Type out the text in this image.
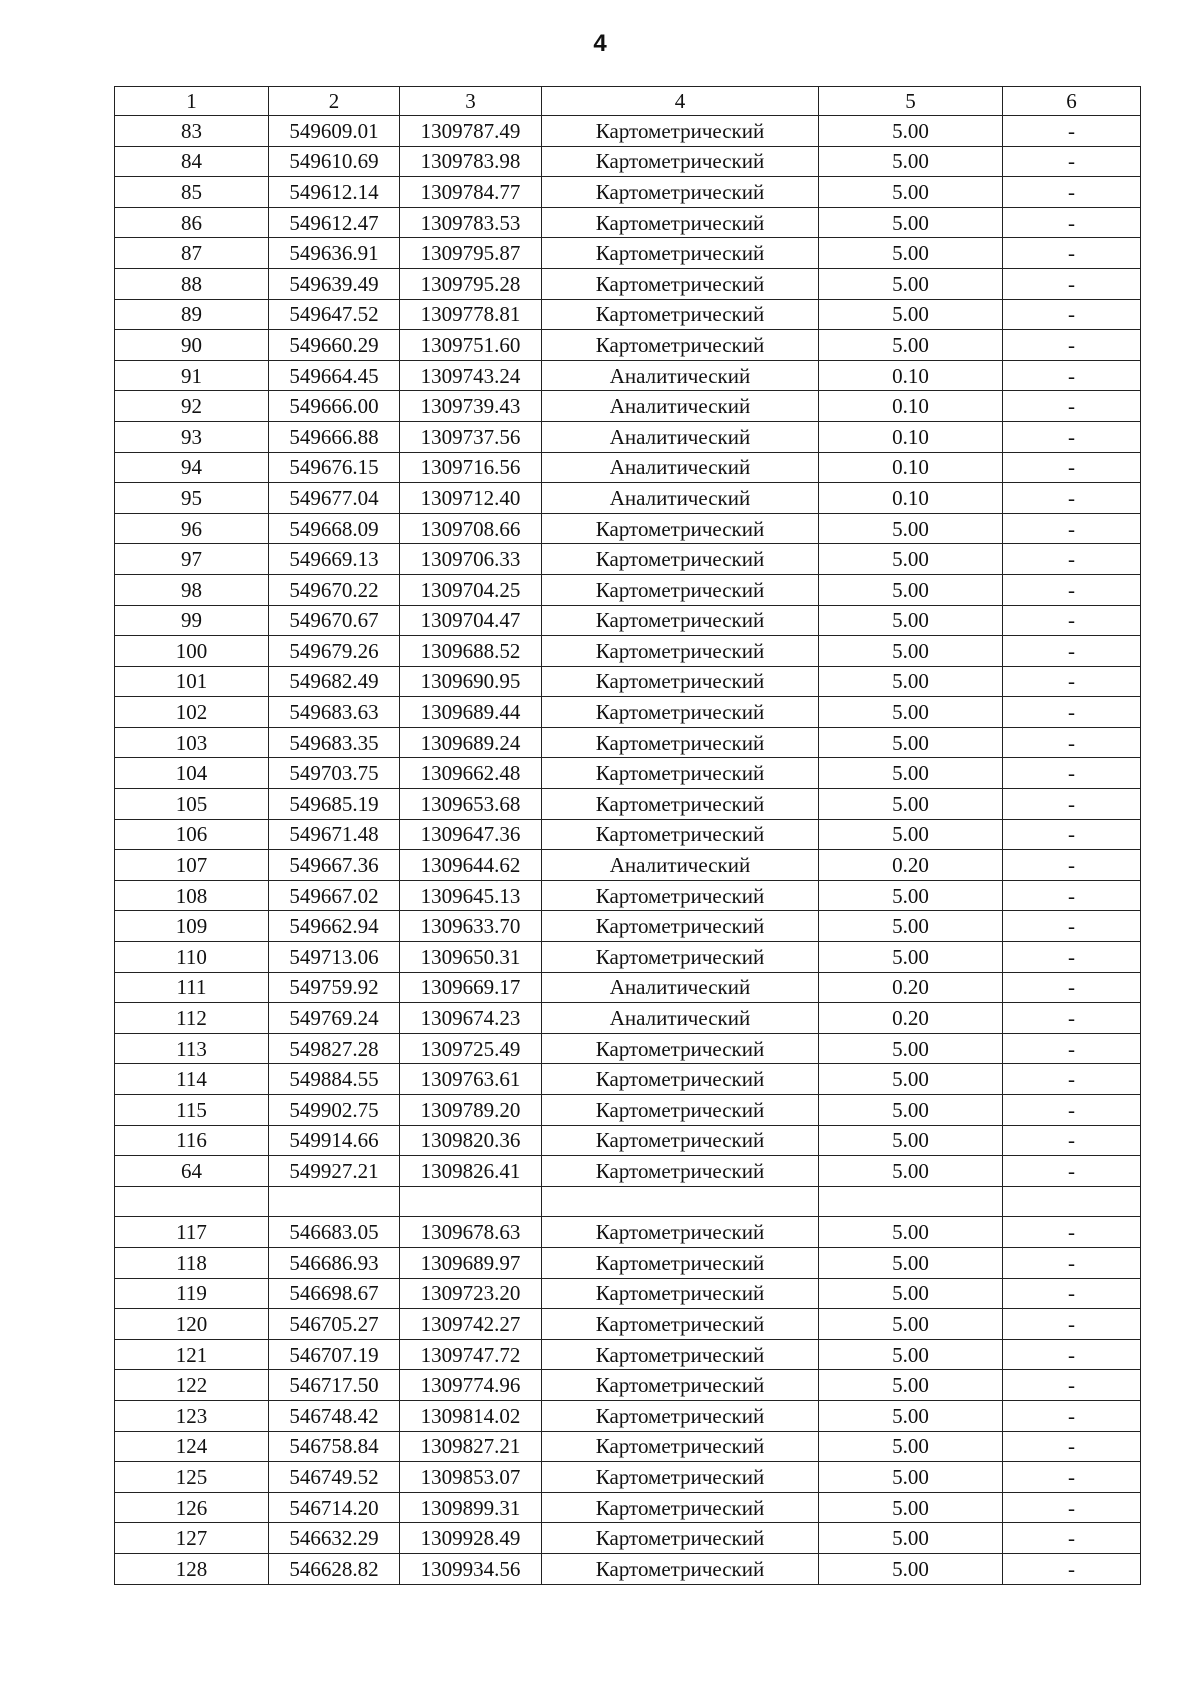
4
1	2	3	4	5	6
83	549609.01	1309787.49	Картометрический	5.00	-
84	549610.69	1309783.98	Картометрический	5.00	-
85	549612.14	1309784.77	Картометрический	5.00	-
86	549612.47	1309783.53	Картометрический	5.00	-
87	549636.91	1309795.87	Картометрический	5.00	-
88	549639.49	1309795.28	Картометрический	5.00	-
89	549647.52	1309778.81	Картометрический	5.00	-
90	549660.29	1309751.60	Картометрический	5.00	-
91	549664.45	1309743.24	Аналитический	0.10	-
92	549666.00	1309739.43	Аналитический	0.10	-
93	549666.88	1309737.56	Аналитический	0.10	-
94	549676.15	1309716.56	Аналитический	0.10	-
95	549677.04	1309712.40	Аналитический	0.10	-
96	549668.09	1309708.66	Картометрический	5.00	-
97	549669.13	1309706.33	Картометрический	5.00	-
98	549670.22	1309704.25	Картометрический	5.00	-
99	549670.67	1309704.47	Картометрический	5.00	-
100	549679.26	1309688.52	Картометрический	5.00	-
101	549682.49	1309690.95	Картометрический	5.00	-
102	549683.63	1309689.44	Картометрический	5.00	-
103	549683.35	1309689.24	Картометрический	5.00	-
104	549703.75	1309662.48	Картометрический	5.00	-
105	549685.19	1309653.68	Картометрический	5.00	-
106	549671.48	1309647.36	Картометрический	5.00	-
107	549667.36	1309644.62	Аналитический	0.20	-
108	549667.02	1309645.13	Картометрический	5.00	-
109	549662.94	1309633.70	Картометрический	5.00	-
110	549713.06	1309650.31	Картометрический	5.00	-
111	549759.92	1309669.17	Аналитический	0.20	-
112	549769.24	1309674.23	Аналитический	0.20	-
113	549827.28	1309725.49	Картометрический	5.00	-
114	549884.55	1309763.61	Картометрический	5.00	-
115	549902.75	1309789.20	Картометрический	5.00	-
116	549914.66	1309820.36	Картометрический	5.00	-
64	549927.21	1309826.41	Картометрический	5.00	-

117	546683.05	1309678.63	Картометрический	5.00	-
118	546686.93	1309689.97	Картометрический	5.00	-
119	546698.67	1309723.20	Картометрический	5.00	-
120	546705.27	1309742.27	Картометрический	5.00	-
121	546707.19	1309747.72	Картометрический	5.00	-
122	546717.50	1309774.96	Картометрический	5.00	-
123	546748.42	1309814.02	Картометрический	5.00	-
124	546758.84	1309827.21	Картометрический	5.00	-
125	546749.52	1309853.07	Картометрический	5.00	-
126	546714.20	1309899.31	Картометрический	5.00	-
127	546632.29	1309928.49	Картометрический	5.00	-
128	546628.82	1309934.56	Картометрический	5.00	-
